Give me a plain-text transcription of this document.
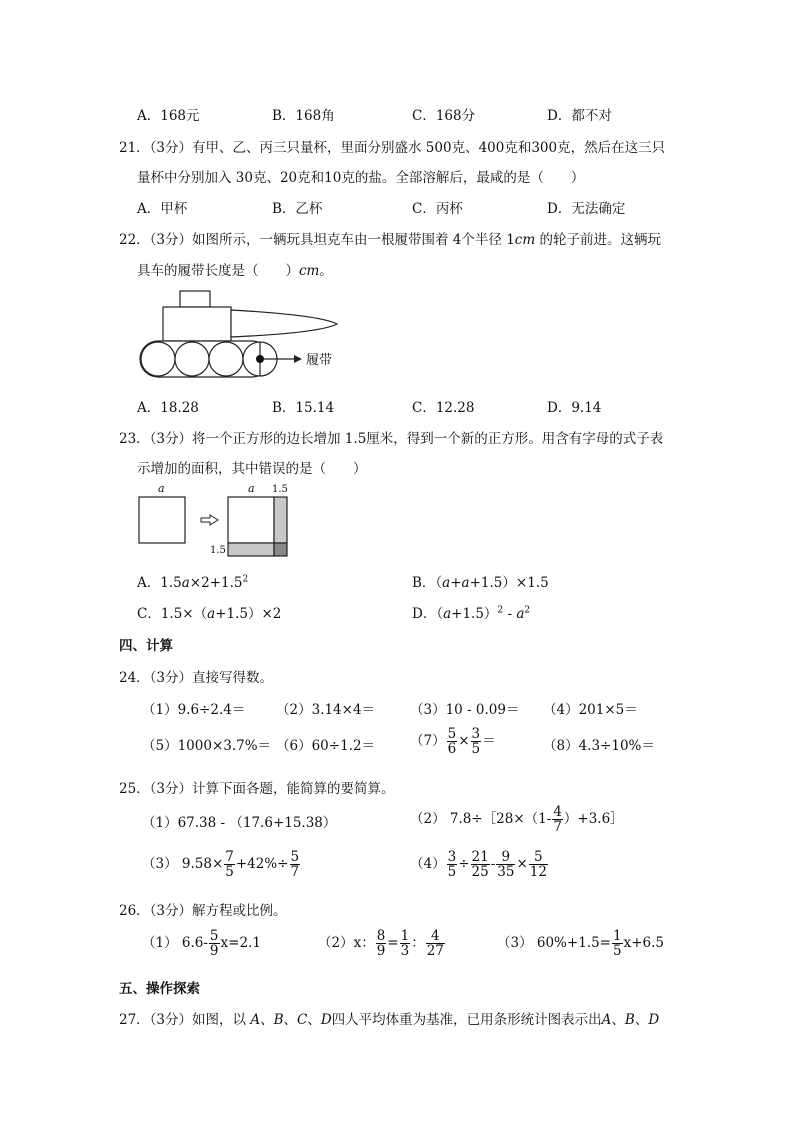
A．168元	B．168角	C．168分	D．都不对
21．（3分）有甲、乙、丙三只量杯，里面分别盛水 500克、400克和300克，然后在这三只
量杯中分别加入 30克、20克和10克的盐。全部溶解后，最咸的是（　　）
A．甲杯	B．乙杯	C．丙杯	D．无法确定
22．（3分）如图所示，一辆玩具坦克车由一根履带围着 4个半径 1cm 的轮子前进。这辆玩
具车的履带长度是（　　）cm。
履带
A．18.28	B．15.14	C．12.28	D．9.14
23．（3分）将一个正方形的边长增加 1.5厘米，得到一个新的正方形。用含有字母的式子表
示增加的面积，其中错误的是（　　）
a	a 1.5
1.5
A．$1.5a\times 2+1.5^2$	B．（a+a+1.5）×1.5
C．1.5×（a+1.5）×2	D．$(a+1.5)^2 - a^2$
四、计算
24．（3分）直接写得数。
（1）9.6÷2.4＝ （2）3.14×4＝	（3）10 - 0.09＝ （4）201×5＝
（5）1000×3.7%＝ （6）60÷1.2＝	$(7) \frac{5}{6} \times \frac{3}{5}$ ＝	（8）4.3÷10%＝
25．（3分）计算下面各题，能简算的要简算。
（1）67.38 - （17.6+15.38）	（2） 7.8÷［28×（1- $\frac{4}{7}$ ）+3.6］
（3） $9.58\times \frac{7}{5} +42\%\div \frac{5}{7}$	$(4) \frac{3}{5} \div \frac{21}{25} - \frac{9}{35} \times \frac{5}{12}$
26．（3分）解方程或比例。
（1） $6.6- \frac{5}{9} x=2.1$	（2）x： $\frac{8}{9} = \frac{1}{3}$ ： $\frac{4}{27}$	（3） $60\%+1.5= \frac{1}{5} x+6.5$
五、操作探索
27．（3分）如图，以 A、B、C、D四人平均体重为基准，已用条形统计图表示出A、B、D
